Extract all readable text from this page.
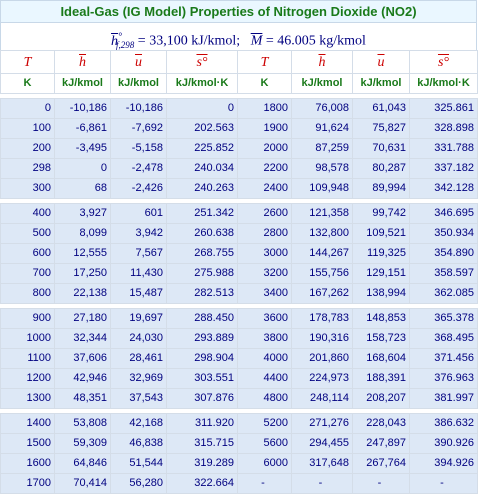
Ideal-Gas (IG Model) Properties of Nitrogen Dioxide (NO2)
$\overline{h}^\circ_{f,298} = 33,100$ kJ/kmol; $\overline{M} = 46.005$ kg/kmol
T	$\overline{h}$	$\overline{u}$	s°	T	$\overline{h}$	$\overline{u}$	s°
K	kJ/kmol	kJ/kmol	kJ/kmol·K	K	kJ/kmol	kJ/kmol	kJ/kmol·K

0	-10,186	-10,186	0	1800	76,008	61,043	325.861
100	-6,861	-7,692	202.563	1900	91,624	75,827	328.898
200	-3,495	-5,158	225.852	2000	87,259	70,631	331.788
298	0	-2,478	240.034	2200	98,578	80,287	337.182
300	68	-2,426	240.263	2400	109,948	89,994	342.128

400	3,927	601	251.342	2600	121,358	99,742	346.695
500	8,099	3,942	260.638	2800	132,800	109,521	350.934
600	12,555	7,567	268.755	3000	144,267	119,325	354.890
700	17,250	11,430	275.988	3200	155,756	129,151	358.597
800	22,138	15,487	282.513	3400	167,262	138,994	362.085

900	27,180	19,697	288.450	3600	178,783	148,853	365.378
1000	32,344	24,030	293.889	3800	190,316	158,723	368.495
1100	37,606	28,461	298.904	4000	201,860	168,604	371.456
1200	42,946	32,969	303.551	4400	224,973	188,391	376.963
1300	48,351	37,543	307.876	4800	248,114	208,207	381.997

1400	53,808	42,168	311.920	5200	271,276	228,043	386.632
1500	59,309	46,838	315.715	5600	294,455	247,897	390.926
1600	64,846	51,544	319.289	6000	317,648	267,764	394.926
1700	70,414	56,280	322.664	-	-	-	-
